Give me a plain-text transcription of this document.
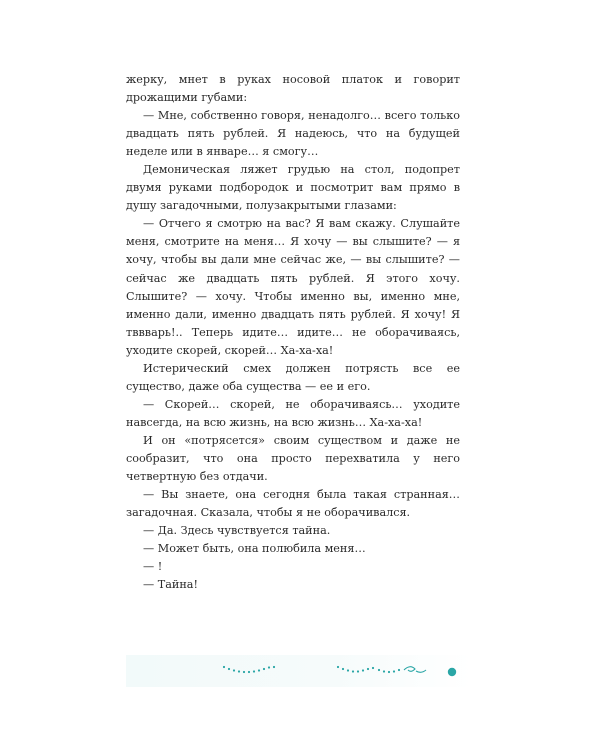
жерку, мнет в руках носовой платок и говорит дрожащими губами:

— Мне, собственно говоря, ненадолго… всего только двадцать пять рублей. Я надеюсь, что на будущей неделе или в январе… я смогу…

Демоническая ляжет грудью на стол, подопрет двумя руками подбородок и посмотрит вам прямо в душу загадочными, полузакрытыми глазами:

— Отчего я смотрю на вас? Я вам скажу. Слушайте меня, смотрите на меня… Я хочу — вы слышите? — я хочу, чтобы вы дали мне сейчас же, — вы слышите? — сейчас же двадцать пять рублей. Я этого хочу. Слышите? — хочу. Чтобы именно вы, именно мне, именно дали, именно двадцать пять рублей. Я хочу! Я тввварь!.. Теперь идите… идите… не оборачиваясь, уходите скорей, скорей… Ха-ха-ха!

Истерический смех должен потрясть все ее существо, даже оба существа — ее и его.

— Скорей… скорей, не оборачиваясь… уходите навсегда, на всю жизнь, на всю жизнь… Ха-ха-ха!

И он «потрясется» своим существом и даже не сообразит, что она просто перехватила у него четвертную без отдачи.

— Вы знаете, она сегодня была такая странная… загадочная. Сказала, чтобы я не оборачивался.

— Да. Здесь чувствуется тайна.

— Может быть, она полюбила меня…

— !

— Тайна!
